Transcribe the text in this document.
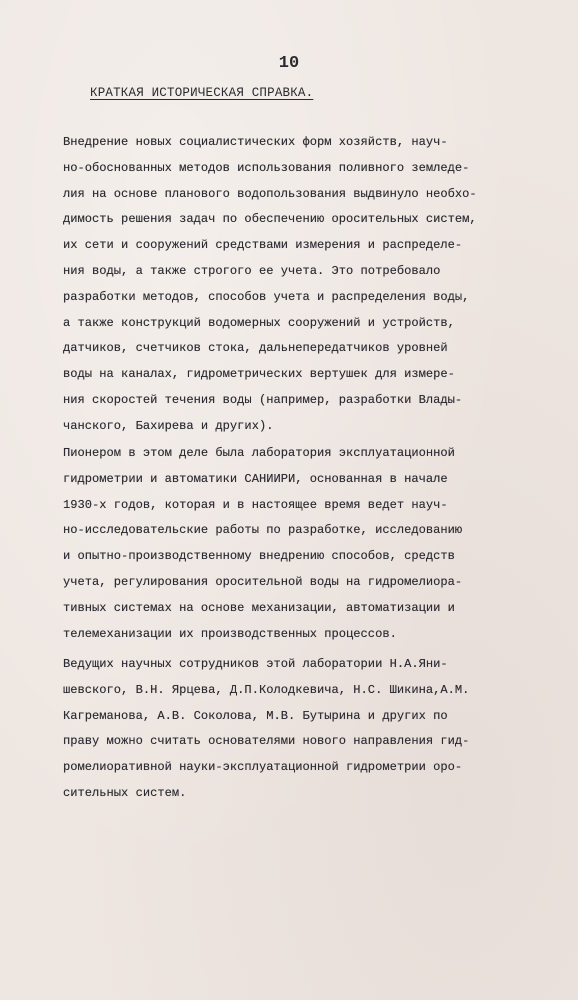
10
КРАТКАЯ ИСТОРИЧЕСКАЯ СПРАВКА.
Внедрение новых социалистических форм хозяйств, науч-
но-обоснованных методов использования поливного земледе-
лия на основе планового водопользования выдвинуло необхо-
димость решения задач по обеспечению оросительных систем,
их сети и сооружений средствами измерения и распределе-
ния воды, а также строгого ее учета. Это потребовало
разработки методов, способов учета и распределения воды,
а также конструкций водомерных сооружений и устройств,
датчиков, счетчиков стока, дальнепередатчиков уровней
воды на каналах, гидрометрических вертушек для измере-
ния скоростей течения воды (например, разработки Влады-
чанского, Бахирева и других).
Пионером в этом деле была лаборатория эксплуатационной
гидрометрии и автоматики САНИИРИ, основанная в начале
1930-х годов, которая и в настоящее время ведет науч-
но-исследовательские работы по разработке, исследованию
и опытно-производственному внедрению способов, средств
учета, регулирования оросительной воды на гидромелиора-
тивных системах на основе механизации, автоматизации и
телемеханизации их производственных процессов.
Ведущих научных сотрудников этой лаборатории Н.А.Яни-
шевского, В.Н. Ярцева, Д.П.Колодкевича, Н.С. Шикина,А.М.
Кагреманова, А.В. Соколова, М.В. Бутырина и других по
праву можно считать основателями нового направления гид-
ромелиоративной науки-эксплуатационной гидрометрии оро-
сительных систем.
